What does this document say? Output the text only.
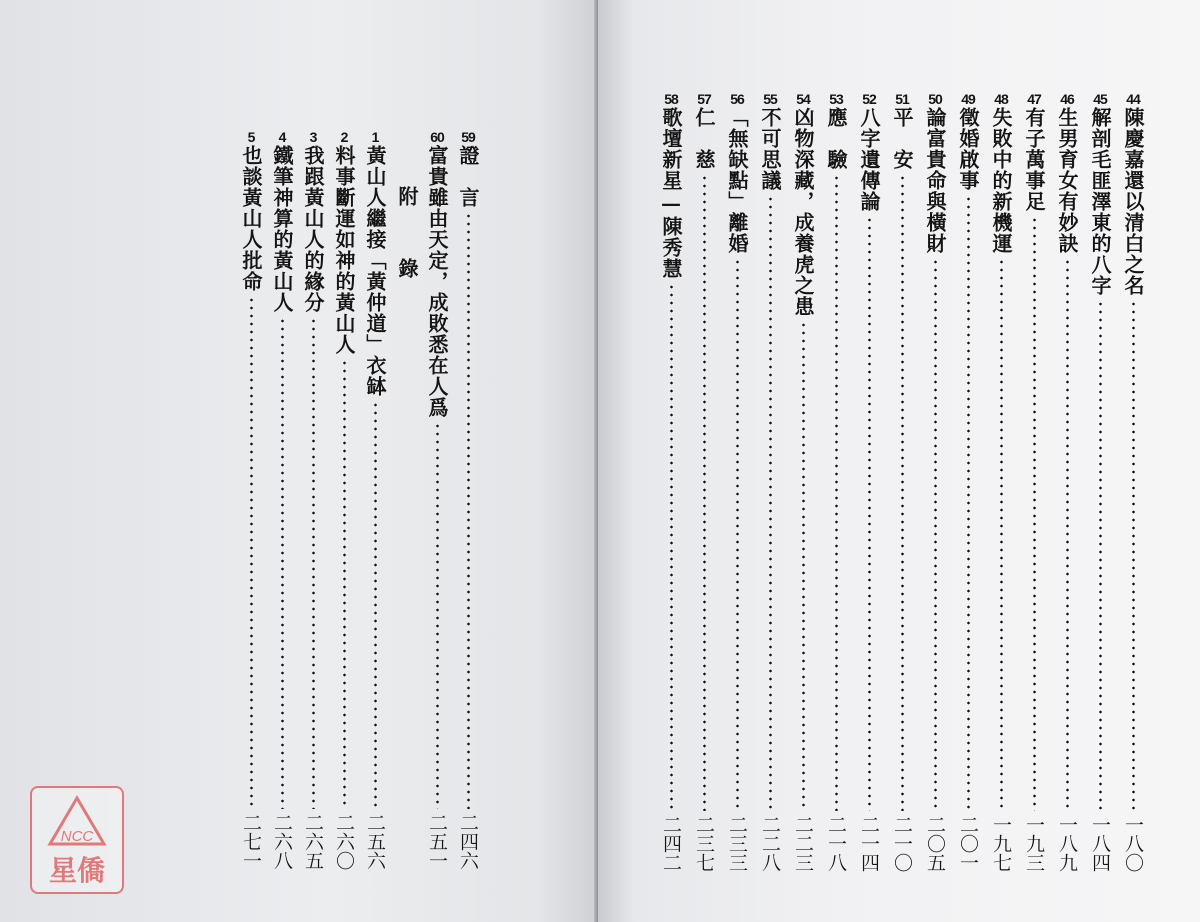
59
證　言
二四六
60
富貴雖由天定，成敗悉在人爲
二五一
附 錄
1
黃山人繼接「黃仲道」衣缽
二五六
2
料事斷運如神的黃山人
二六〇
3
我跟黃山人的緣分
二六五
4
鐵筆神算的黃山人
二六八
5
也談黃山人批命
二七一
NCC
星僑
44
陳慶嘉還以清白之名
一八〇
45
解剖毛匪澤東的八字
一八四
46
生男育女有妙訣
一八九
47
有子萬事足
一九三
48
失敗中的新機運
一九七
49
徵婚啟事
二〇一
50
論富貴命與橫財
二〇五
51
平　安
二一〇
52
八字遺傳論
二一四
53
應　驗
二一八
54
凶物深藏，成養虎之患
二二三
55
不可思議
二二八
56
「無缺點」離婚
二三三
57
仁　慈
二三七
58
歌壇新星—陳秀慧
二四二
